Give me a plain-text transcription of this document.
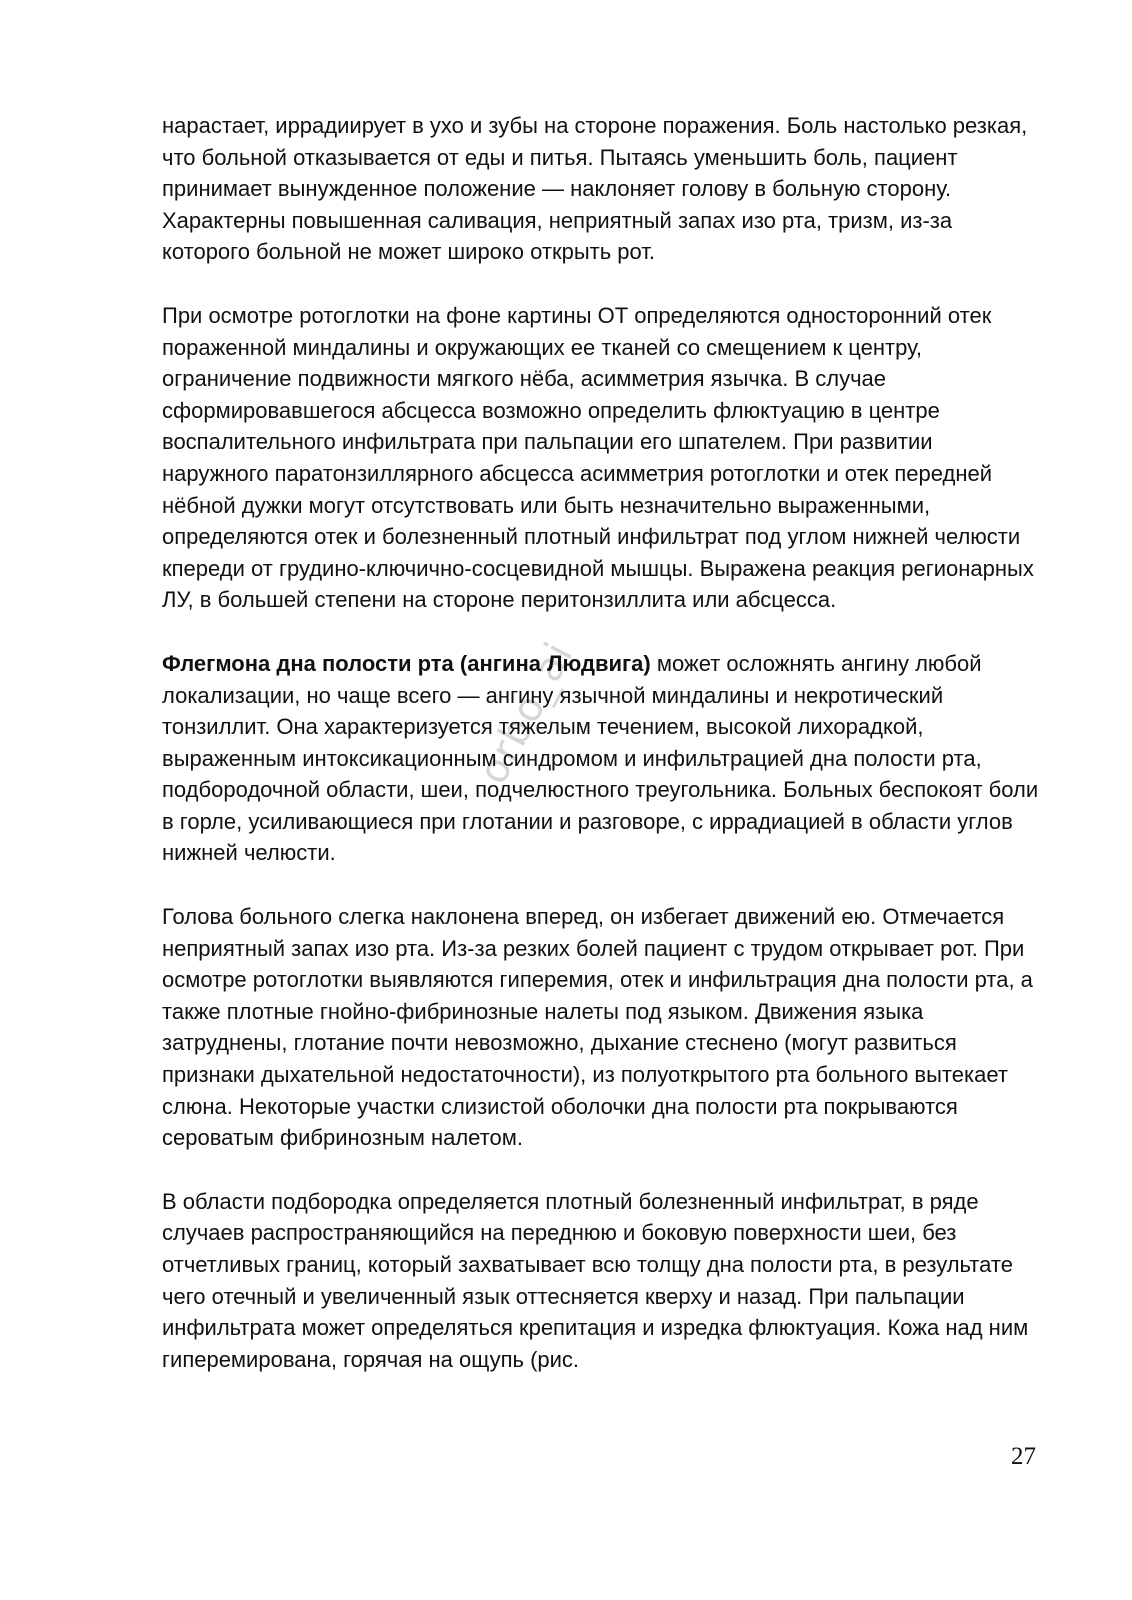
нарастает, иррадиирует в ухо и зубы на стороне поражения. Боль настолько резкая, что больной отказывается от еды и питья. Пытаясь уменьшить боль, пациент принимает вынужденное положение — наклоняет голову в больную сторону. Характерны повышенная саливация, неприятный запах изо рта, тризм, из-за которого больной не может широко открыть рот.

При осмотре ротоглотки на фоне картины ОТ определяются односторонний отек пораженной миндалины и окружающих ее тканей со смещением к центру, ограничение подвижности мягкого нёба, асимметрия язычка. В случае сформировавшегося абсцесса возможно определить флюктуацию в центре воспалительного инфильтрата при пальпации его шпателем. При развитии наружного паратонзиллярного абсцесса асимметрия ротоглотки и отек передней нёбной дужки могут отсутствовать или быть незначительно выраженными, определяются отек и болезненный плотный инфильтрат под углом нижней челюсти кпереди от грудино-ключично-сосцевидной мышцы. Выражена реакция регионарных ЛУ, в большей степени на стороне перитонзиллита или абсцесса.

Флегмона дна полости рта (ангина Людвига) может осложнять ангину любой локализации, но чаще всего — ангину язычной миндалины и некротический тонзиллит. Она характеризуется тяжелым течением, высокой лихорадкой, выраженным интоксикационным синдромом и инфильтрацией дна полости рта, подбородочной области, шеи, подчелюстного треугольника. Больных беспокоят боли в горле, усиливающиеся при глотании и разговоре, с иррадиацией в области углов нижней челюсти.

Голова больного слегка наклонена вперед, он избегает движений ею. Отмечается неприятный запах изо рта. Из-за резких болей пациент с трудом открывает рот. При осмотре ротоглотки выявляются гиперемия, отек и инфильтрация дна полости рта, а также плотные гнойно-фибринозные налеты под языком. Движения языка затруднены, глотание почти невозможно, дыхание стеснено (могут развиться признаки дыхательной недостаточности), из полуоткрытого рта больного вытекает слюна. Некоторые участки слизистой оболочки дна полости рта покрываются сероватым фибринозным налетом.

В области подбородка определяется плотный болезненный инфильтрат, в ряде случаев распространяющийся на переднюю и боковую поверхности шеи, без отчетливых границ, который захватывает всю толщу дна полости рта, в результате чего отечный и увеличенный язык оттесняется кверху и назад. При пальпации инфильтрата может определяться крепитация и изредка флюктуация. Кожа над ним гиперемирована, горячая на ощупь (рис.

orbo_ai
27
